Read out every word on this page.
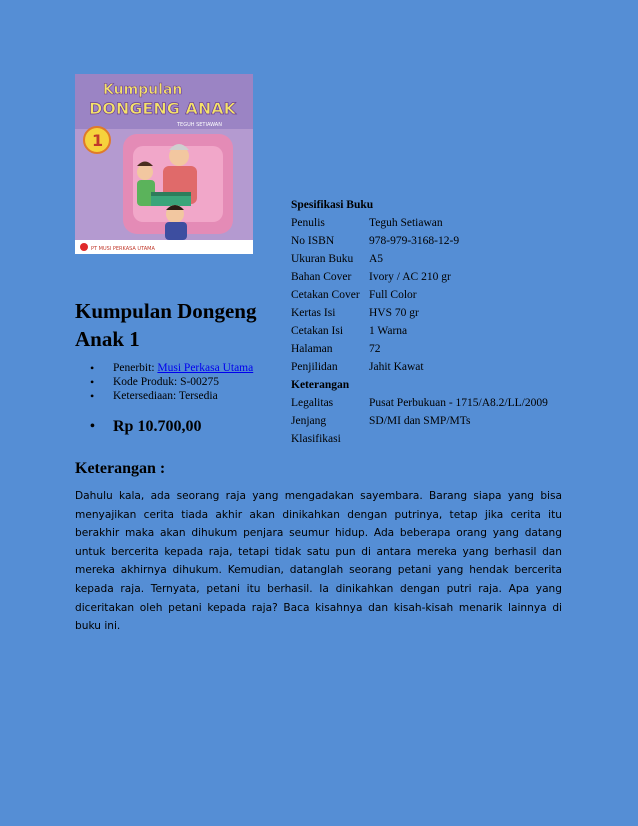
Kumpulan
DONGENG ANAK
TEGUH SETIAWAN
1
PT MUSI PERKASA UTAMA
Kumpulan Dongeng Anak 1
• Penerbit: Musi Perkasa Utama
• Kode Produk: S-00275
• Ketersediaan: Tersedia
• Rp 10.700,00
Spesifikasi Buku	
Penulis	Teguh Setiawan
No ISBN	978-979-3168-12-9
Ukuran Buku	A5
Bahan Cover	Ivory / AC 210 gr
Cetakan Cover	Full Color
Kertas Isi	HVS 70 gr
Cetakan Isi	1 Warna
Halaman	72
Penjilidan	Jahit Kawat
Keterangan	
Legalitas	Pusat Perbukuan - 1715/A8.2/LL/2009
Jenjang	SD/MI dan SMP/MTs
Klasifikasi	
Keterangan :

Dahulu kala, ada seorang raja yang mengadakan sayembara. Barang siapa yang bisa menyajikan cerita tiada akhir akan dinikahkan dengan putrinya, tetap jika cerita itu berakhir maka akan dihukum penjara seumur hidup. Ada beberapa orang yang datang untuk bercerita kepada raja, tetapi tidak satu pun di antara mereka yang berhasil dan mereka akhirnya dihukum. Kemudian, datanglah seorang petani yang hendak bercerita kepada raja. Ternyata, petani itu berhasil. Ia dinikahkan dengan putri raja. Apa yang diceritakan oleh petani kepada raja? Baca kisahnya dan kisah-kisah menarik lainnya di buku ini.
